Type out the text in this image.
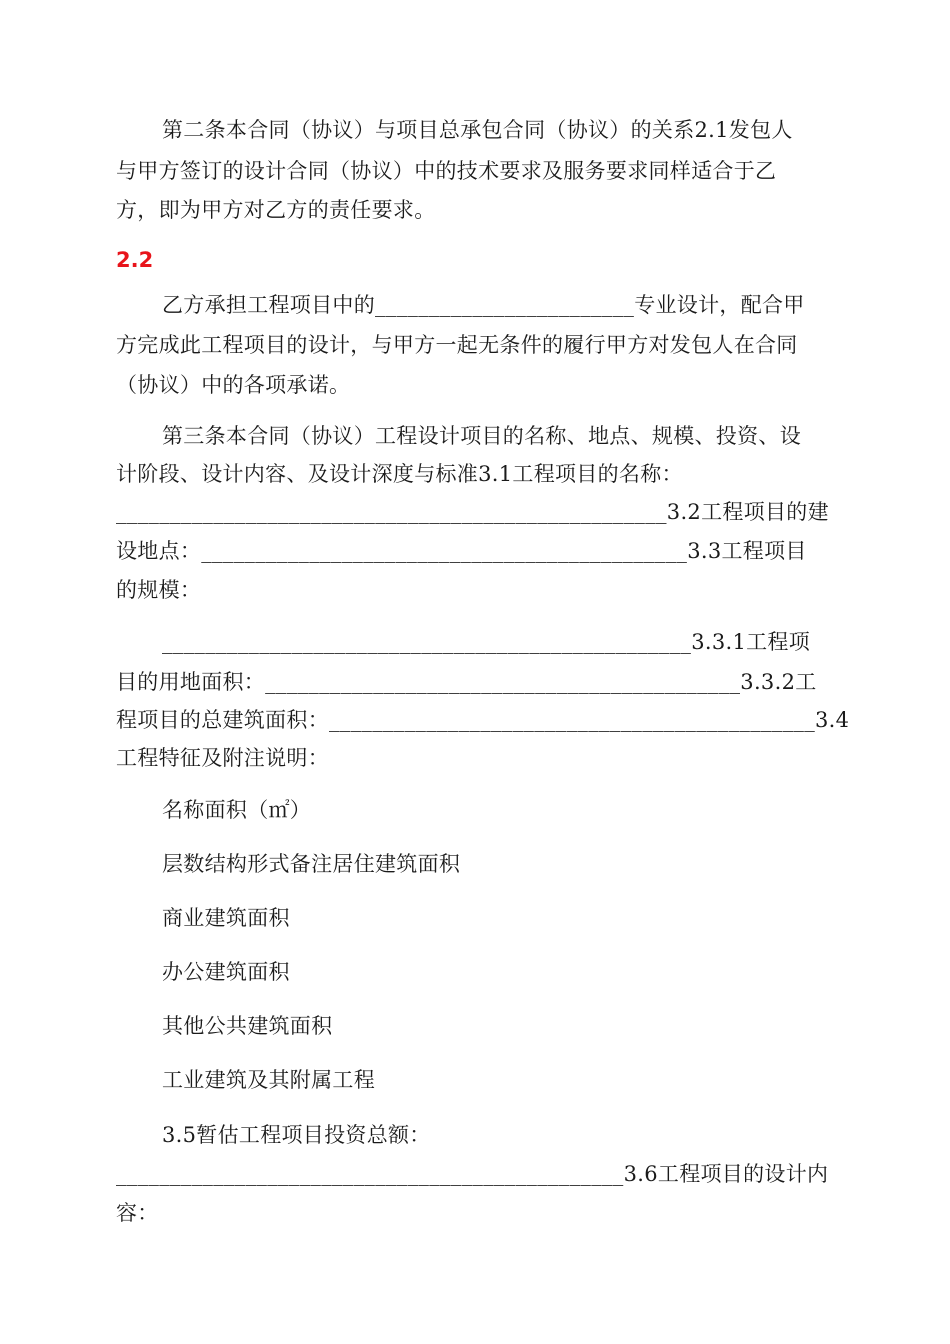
第二条本合同（协议）与项目总承包合同（协议）的关系2.1发包人
与甲方签订的设计合同（协议）中的技术要求及服务要求同样适合于乙
方，即为甲方对乙方的责任要求。
2.2
乙方承担工程项目中的________________________专业设计，配合甲
方完成此工程项目的设计，与甲方一起无条件的履行甲方对发包人在合同
（协议）中的各项承诺。
第三条本合同（协议）工程设计项目的名称、地点、规模、投资、设
计阶段、设计内容、及设计深度与标准3.1工程项目的名称：
___________________________________________________3.2工程项目的建
设地点：_____________________________________________3.3工程项目
的规模：
_________________________________________________3.3.1工程项
目的用地面积：____________________________________________3.3.2工
程项目的总建筑面积：_____________________________________________3.4
工程特征及附注说明：
名称面积（㎡）
层数结构形式备注居住建筑面积
商业建筑面积
办公建筑面积
其他公共建筑面积
工业建筑及其附属工程
3.5暂估工程项目投资总额：
_______________________________________________3.6工程项目的设计内
容：
